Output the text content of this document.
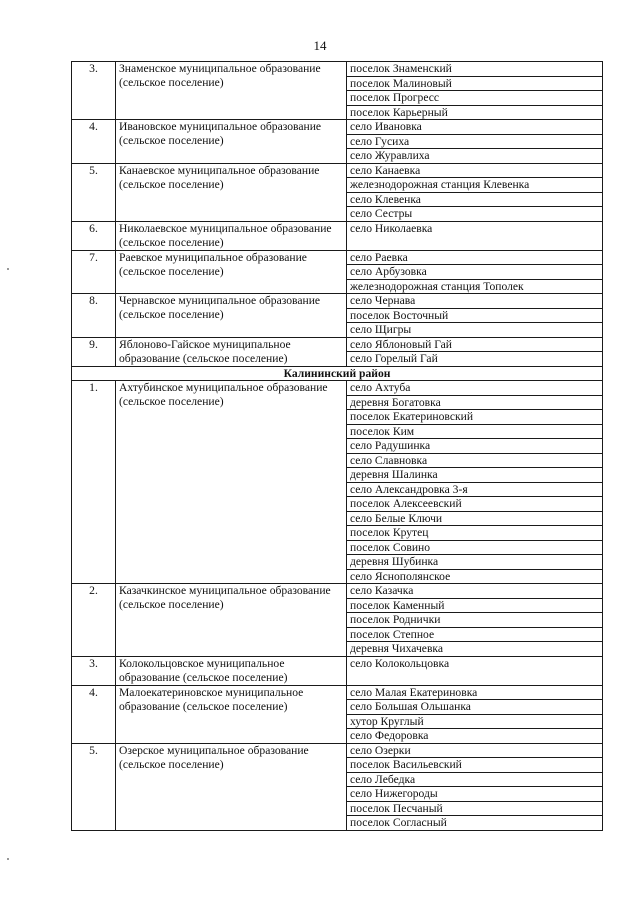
14
3.	Знаменское муниципальное образование (сельское поселение)	поселок Знаменский
		поселок Малиновый
		поселок Прогресс
		поселок Карьерный
4.	Ивановское муниципальное образование (сельское поселение)	село Ивановка
		село Гусиха
		село Журавлиха
5.	Канаевское муниципальное образование (сельское поселение)	село Канаевка
		железнодорожная станция Клевенка
		село Клевенка
		село Сестры
6.	Николаевское муниципальное образование (сельское поселение)	село Николаевка
7.	Раевское муниципальное образование (сельское поселение)	село Раевка
		село Арбузовка
		железнодорожная станция Тополек
8.	Чернавское муниципальное образование (сельское поселение)	село Чернава
		поселок Восточный
		село Щигры
9.	Яблоново-Гайское муниципальное образование (сельское поселение)	село Яблоновый Гай
		село Горелый Гай
Калининский район		
1.	Ахтубинское муниципальное образование (сельское поселение)	село Ахтуба
		деревня Богатовка
		поселок Екатериновский
		поселок Ким
		село Радушинка
		село Славновка
		деревня Шалинка
		село Александровка 3-я
		поселок Алексеевский
		село Белые Ключи
		поселок Крутец
		поселок Совино
		деревня Шубинка
		село Яснополянское
2.	Казачкинское муниципальное образование (сельское поселение)	село Казачка
		поселок Каменный
		поселок Роднички
		поселок Степное
		деревня Чихачевка
3.	Колокольцовское муниципальное образование (сельское поселение)	село Колокольцовка
4.	Малоекатериновское муниципальное образование (сельское поселение)	село Малая Екатериновка
		село Большая Ольшанка
		хутор Круглый
		село Федоровка
5.	Озерское муниципальное образование (сельское поселение)	село Озерки
		поселок Васильевский
		село Лебедка
		село Нижегороды
		поселок Песчаный
		поселок Согласный
